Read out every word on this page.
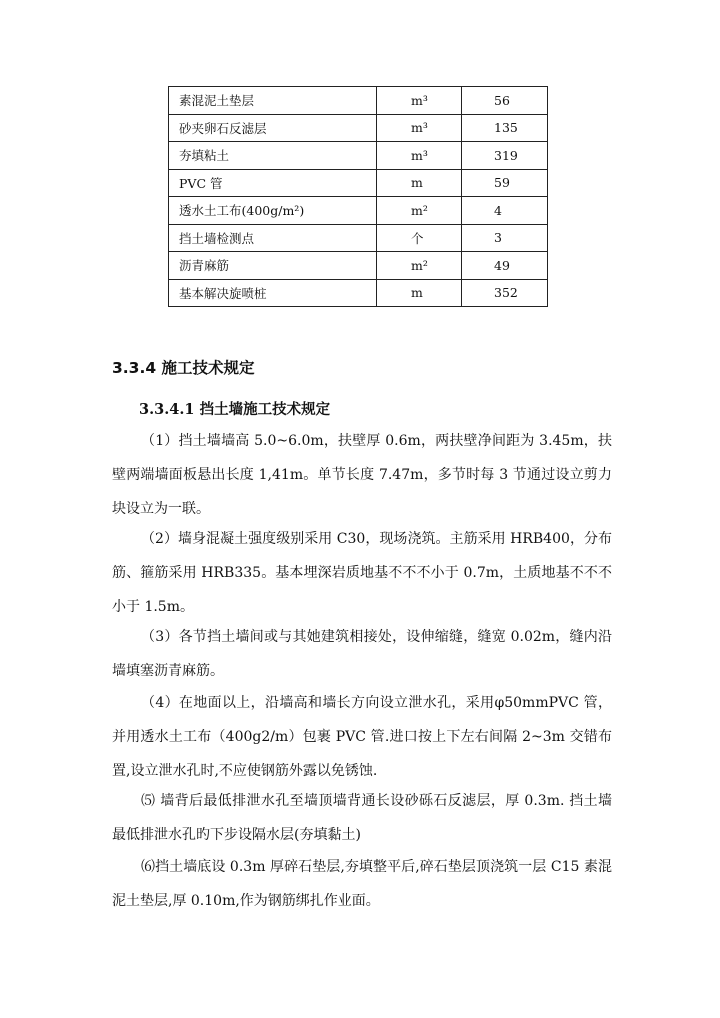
素混泥土垫层	m³	56
砂夹卵石反滤层	m³	135
夯填粘土	m³	319
PVC 管	m	59
透水土工布(400g/m²)	m²	4
挡土墙检测点	个	3
沥青麻筋	m²	49
基本解决旋喷桩	m	352
3.3.4 施工技术规定
3.3.4.1 挡土墙施工技术规定

（1）挡土墙墙高 5.0~6.0m，扶壁厚 0.6m，两扶壁净间距为 3.45m，扶壁两端墙面板悬出长度 1,41m。单节长度 7.47m，多节时每 3 节通过设立剪力块设立为一联。

（2）墙身混凝土强度级别采用 C30，现场浇筑。主筋采用 HRB400，分布筋、箍筋采用 HRB335。基本埋深岩质地基不不不小于 0.7m，土质地基不不不小于 1.5m。

（3）各节挡土墙间或与其她建筑相接处，设伸缩缝，缝宽 0.02m，缝内沿墙填塞沥青麻筋。

（4）在地面以上，沿墙高和墙长方向设立泄水孔，采用φ50mmPVC 管，并用透水土工布（400g2/m）包裹 PVC 管.进口按上下左右间隔 2~3m 交错布置,设立泄水孔时,不应使钢筋外露以免锈蚀.

⑸ 墙背后最低排泄水孔至墙顶墙背通长设砂砾石反滤层，厚 0.3m. 挡土墙最低排泄水孔旳下步设隔水层(夯填黏土)

⑹挡土墙底设 0.3m 厚碎石垫层,夯填整平后,碎石垫层顶浇筑一层 C15 素混泥土垫层,厚 0.10m,作为钢筋绑扎作业面。
